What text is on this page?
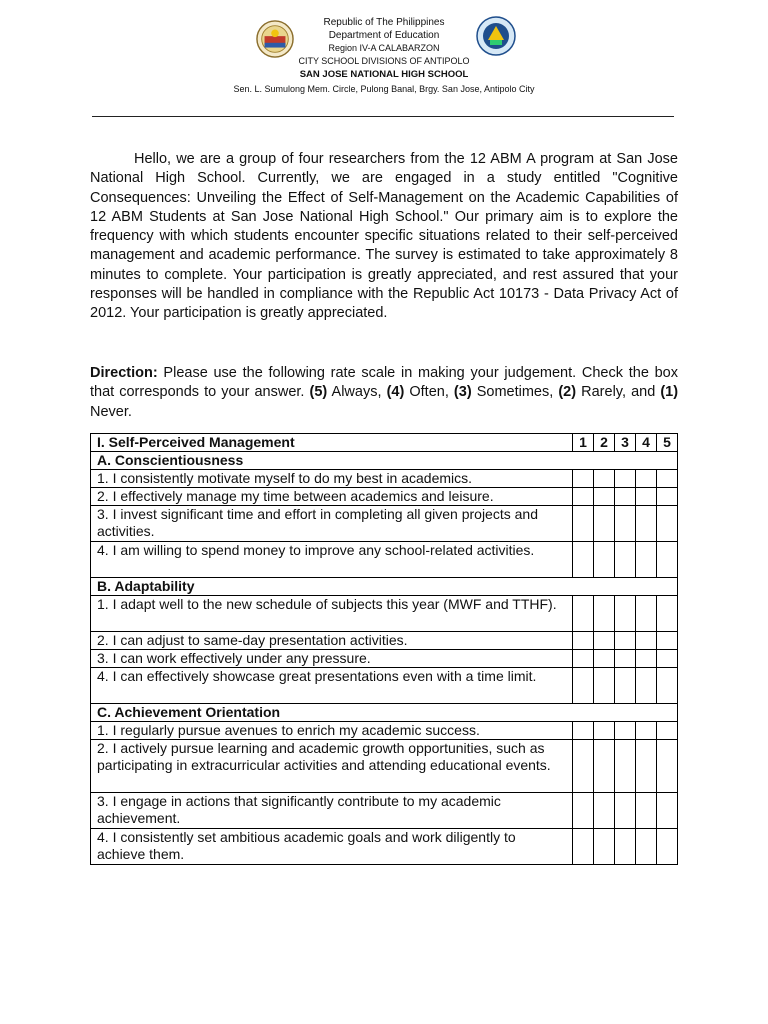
Republic of The Philippines
Department of Education
Region IV-A CALABARZON
CITY SCHOOL DIVISIONS OF ANTIPOLO
SAN JOSE NATIONAL HIGH SCHOOL
Sen. L. Sumulong Mem. Circle, Pulong Banal, Brgy. San Jose, Antipolo City

Hello, we are a group of four researchers from the 12 ABM A program at San Jose National High School. Currently, we are engaged in a study entitled "Cognitive Consequences: Unveiling the Effect of Self-Management on the Academic Capabilities of 12 ABM Students at San Jose National High School." Our primary aim is to explore the frequency with which students encounter specific situations related to their self-perceived management and academic performance. The survey is estimated to take approximately 8 minutes to complete. Your participation is greatly appreciated, and rest assured that your responses will be handled in compliance with the Republic Act 10173 - Data Privacy Act of 2012. Your participation is greatly appreciated.

Direction: Please use the following rate scale in making your judgement. Check the box that corresponds to your answer. (5) Always, (4) Often, (3) Sometimes, (2) Rarely, and (1) Never.

I. Self-Perceived Management	1	2	3	4	5
A. Conscientiousness					
1. I consistently motivate myself to do my best in academics.					
2. I effectively manage my time between academics and leisure.					
3. I invest significant time and effort in completing all given projects and activities.					
4. I am willing to spend money to improve any school-related activities.					
B. Adaptability					
1. I adapt well to the new schedule of subjects this year (MWF and TTHF).					
2. I can adjust to same-day presentation activities.					
3. I can work effectively under any pressure.					
4. I can effectively showcase great presentations even with a time limit.					
C. Achievement Orientation					
1. I regularly pursue avenues to enrich my academic success.					
2. I actively pursue learning and academic growth opportunities, such as participating in extracurricular activities and attending educational events.					
3. I engage in actions that significantly contribute to my academic achievement.					
4. I consistently set ambitious academic goals and work diligently to achieve them.					
